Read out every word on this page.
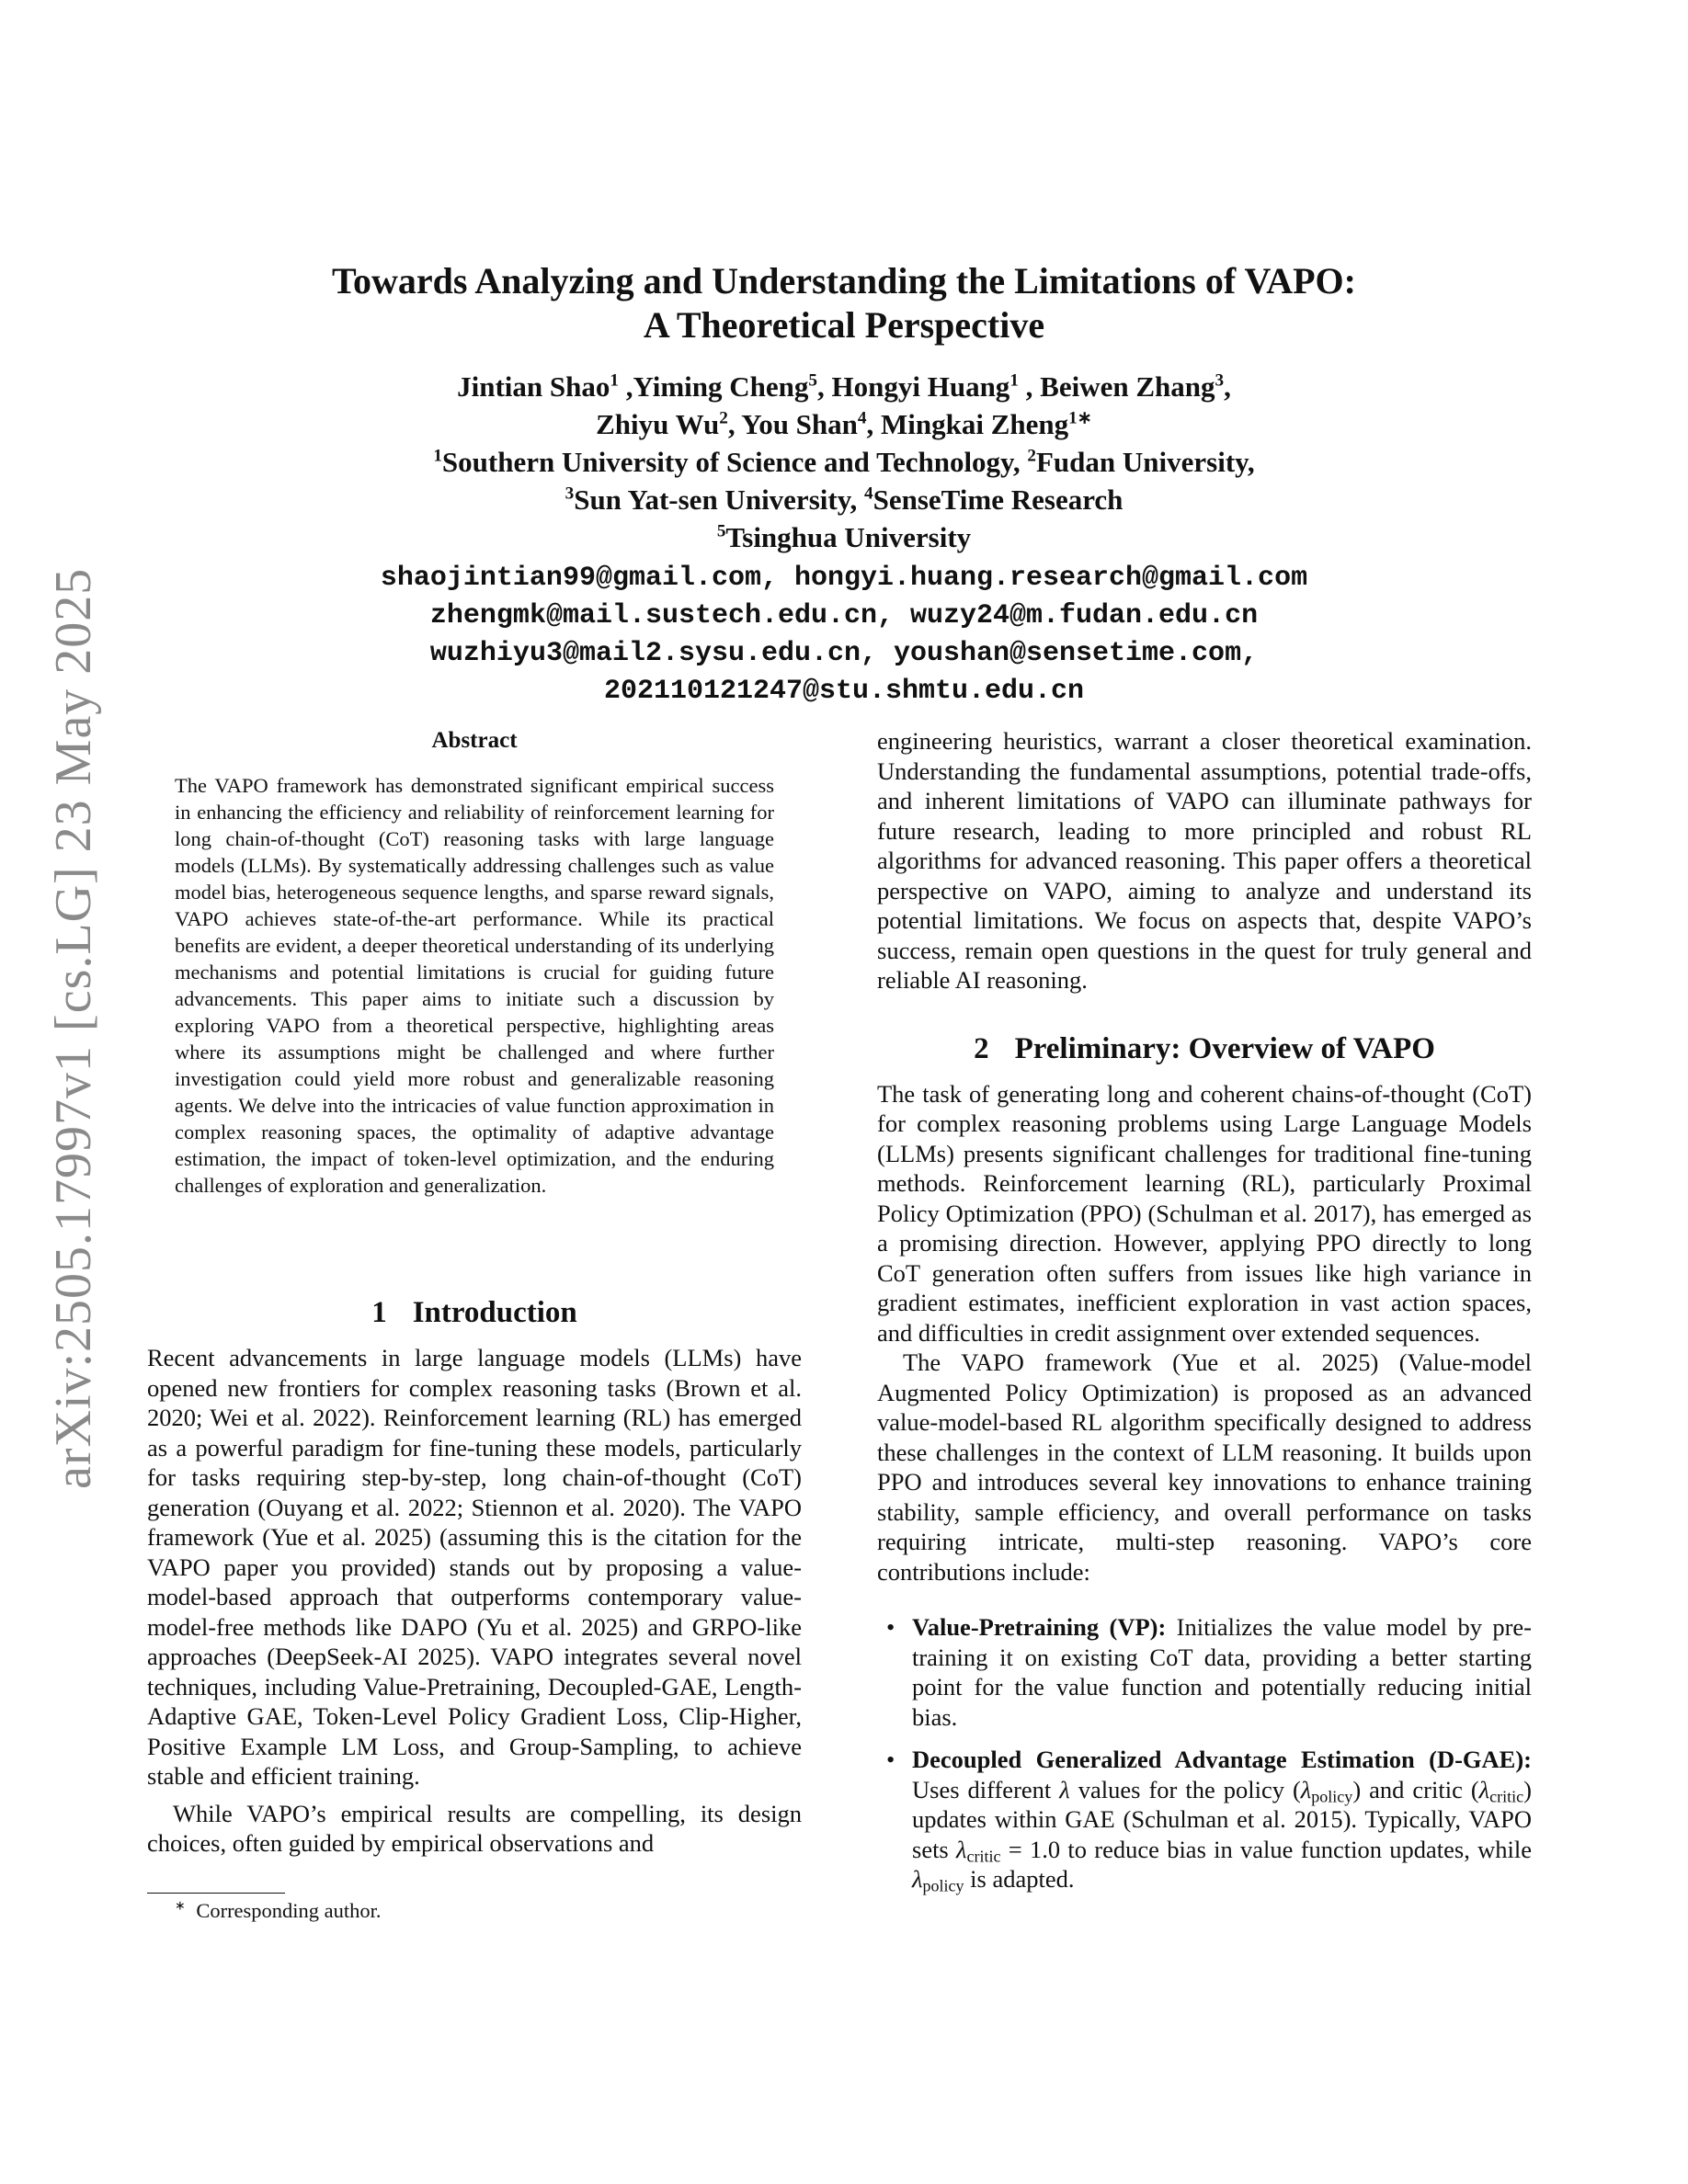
arXiv:2505.17997v1 [cs.LG] 23 May 2025
Towards Analyzing and Understanding the Limitations of VAPO:
A Theoretical Perspective
Jintian Shao$^1$ ,Yiming Cheng$^5$, Hongyi Huang$^1$ , Beiwen Zhang$^3$,
Zhiyu Wu$^2$, You Shan$^4$, Mingkai Zheng$^{1∗}$
$^1$Southern University of Science and Technology, $^2$Fudan University,
$^3$Sun Yat-sen University, $^4$SenseTime Research
$^5$Tsinghua University
shaojintian99@gmail.com, hongyi.huang.research@gmail.com
zhengmk@mail.sustech.edu.cn, wuzy24@m.fudan.edu.cn
wuzhiyu3@mail2.sysu.edu.cn, youshan@sensetime.com,
202110121247@stu.shmtu.edu.cn

Abstract

The VAPO framework has demonstrated significant empirical success in enhancing the efficiency and reliability of reinforcement learning for long chain-of-thought (CoT) reasoning tasks with large language models (LLMs). By systematically addressing challenges such as value model bias, heterogeneous sequence lengths, and sparse reward signals, VAPO achieves state-of-the-art performance. While its practical benefits are evident, a deeper theoretical understanding of its underlying mechanisms and potential limitations is crucial for guiding future advancements. This paper aims to initiate such a discussion by exploring VAPO from a theoretical perspective, highlighting areas where its assumptions might be challenged and where further investigation could yield more robust and generalizable reasoning agents. We delve into the intricacies of value function approximation in complex reasoning spaces, the optimality of adaptive advantage estimation, the impact of token-level optimization, and the enduring challenges of exploration and generalization.

1 Introduction

Recent advancements in large language models (LLMs) have opened new frontiers for complex reasoning tasks (Brown et al. 2020; Wei et al. 2022). Reinforcement learning (RL) has emerged as a powerful paradigm for fine-tuning these models, particularly for tasks requiring step-by-step, long chain-of-thought (CoT) generation (Ouyang et al. 2022; Stiennon et al. 2020). The VAPO framework (Yue et al. 2025) (assuming this is the citation for the VAPO paper you provided) stands out by proposing a value-model-based approach that outperforms contemporary value-model-free methods like DAPO (Yu et al. 2025) and GRPO-like approaches (DeepSeek-AI 2025). VAPO integrates several novel techniques, including Value-Pretraining, Decoupled-GAE, Length-Adaptive GAE, Token-Level Policy Gradient Loss, Clip-Higher, Positive Example LM Loss, and Group-Sampling, to achieve stable and efficient training.

While VAPO’s empirical results are compelling, its design choices, often guided by empirical observations and

∗ Corresponding author.

engineering heuristics, warrant a closer theoretical examination. Understanding the fundamental assumptions, potential trade-offs, and inherent limitations of VAPO can illuminate pathways for future research, leading to more principled and robust RL algorithms for advanced reasoning. This paper offers a theoretical perspective on VAPO, aiming to analyze and understand its potential limitations. We focus on aspects that, despite VAPO’s success, remain open questions in the quest for truly general and reliable AI reasoning.

2 Preliminary: Overview of VAPO

The task of generating long and coherent chains-of-thought (CoT) for complex reasoning problems using Large Language Models (LLMs) presents significant challenges for traditional fine-tuning methods. Reinforcement learning (RL), particularly Proximal Policy Optimization (PPO) (Schulman et al. 2017), has emerged as a promising direction. However, applying PPO directly to long CoT generation often suffers from issues like high variance in gradient estimates, inefficient exploration in vast action spaces, and difficulties in credit assignment over extended sequences.

The VAPO framework (Yue et al. 2025) (Value-model Augmented Policy Optimization) is proposed as an advanced value-model-based RL algorithm specifically designed to address these challenges in the context of LLM reasoning. It builds upon PPO and introduces several key innovations to enhance training stability, sample efficiency, and overall performance on tasks requiring intricate, multi-step reasoning. VAPO’s core contributions include:

• Value-Pretraining (VP): Initializes the value model by pre-training it on existing CoT data, providing a better starting point for the value function and potentially reducing initial bias.
• Decoupled Generalized Advantage Estimation (D-GAE): Uses different λ values for the policy $(\lambda_{policy})$ and critic $(\lambda_{critic})$ updates within GAE (Schulman et al. 2015). Typically, VAPO sets $\lambda_{critic} = 1.0$ to reduce bias in value function updates, while $\lambda_{policy}$ is adapted.
